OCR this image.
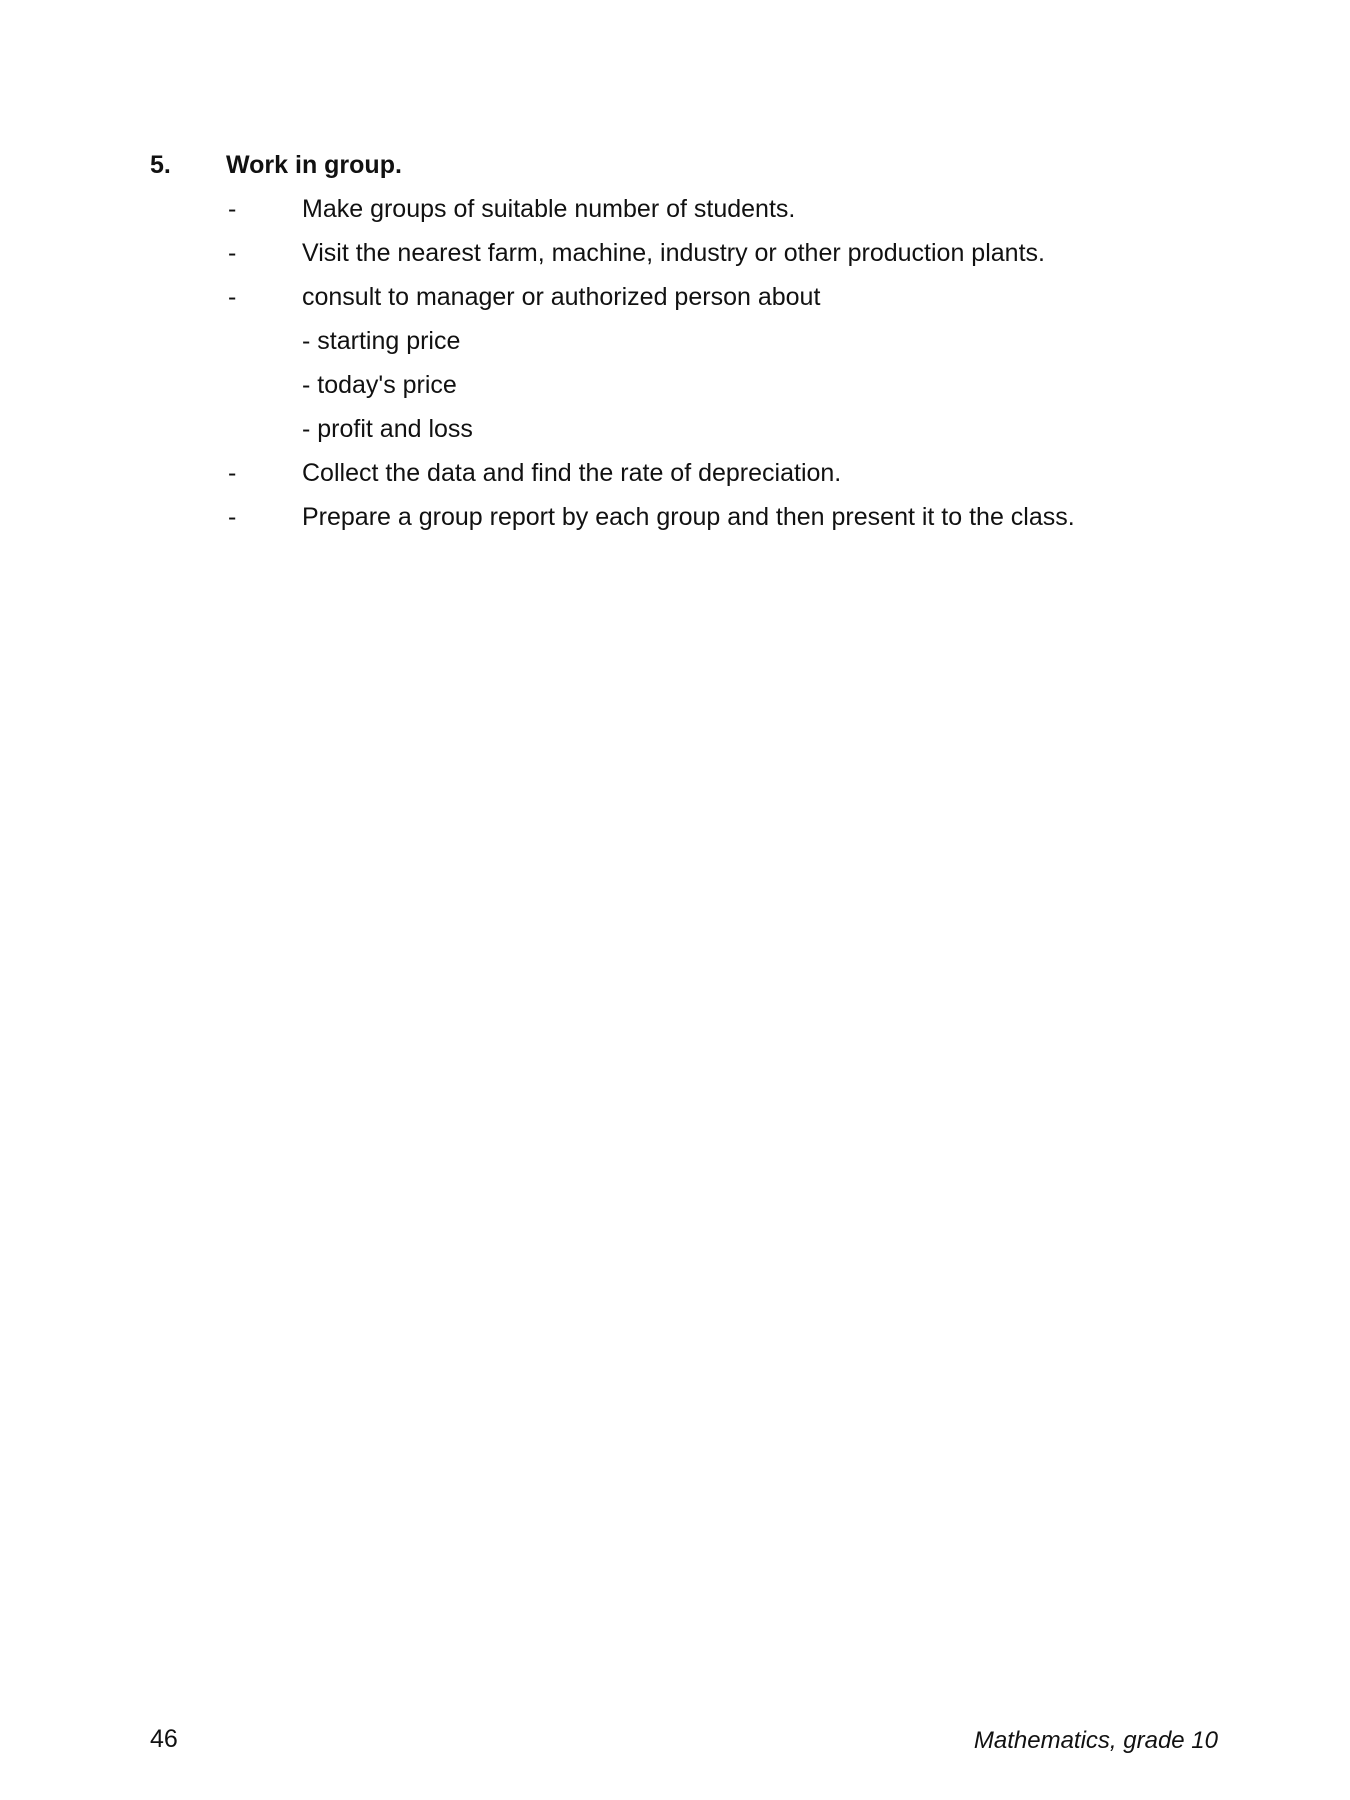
5. Work in group.
-	Make groups of suitable number of students.
-	Visit the nearest farm, machine, industry or other production plants.
-	consult to manager or authorized person about
- starting price
- today's price
- profit and loss
-	Collect the data and find the rate of depreciation.
-	Prepare a group report by each group and then present it to the class.
46	Mathematics, grade 10
